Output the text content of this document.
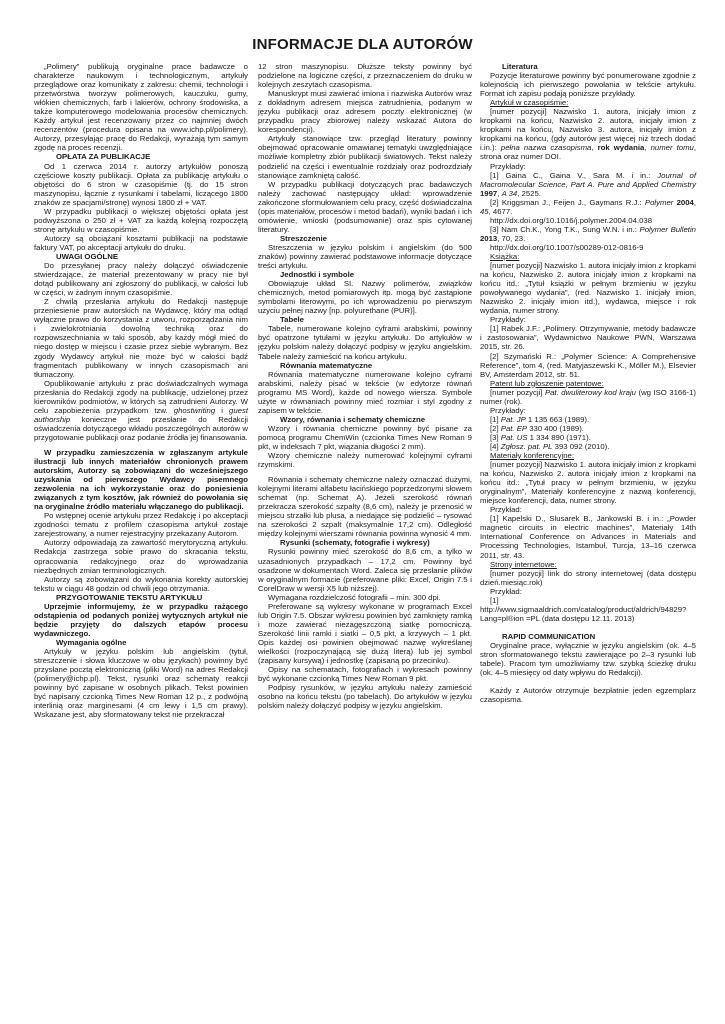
INFORMACJE DLA AUTORÓW

„Polimery” publikują oryginalne prace badawcze o charakterze naukowym i technologicznym, artykuły przeglądowe oraz komunikaty z zakresu: chemii, technologii i przetwórstwa tworzyw polimerowych, kauczuku, gumy, włókien chemicznych, farb i lakierów, ochrony środowiska, a także komputerowego modelowania procesów chemicznych. Każdy artykuł jest recenzowany przez co najmniej dwóch recenzentów (procedura opisana na www.ichp.pl/polimery). Autorzy, przesyłając pracę do Redakcji, wyrażają tym samym zgodę na proces recenzji.

OPŁATA ZA PUBLIKACJE

Od 1 czerwca 2014 r. autorzy artykułów ponoszą częściowe koszty publikacji. Opłata za publikację artykułu o objętości do 6 stron w czasopiśmie (tj. do 15 stron maszynopisu, łącznie z rysunkami i tabelami, liczącego 1800 znaków ze spacjami/stronę) wynosi 1800 zł + VAT.

W przypadku publikacji o większej objętości opłata jest podwyższona o 250 zł + VAT za każdą kolejną rozpoczętą stronę artykułu w czasopiśmie.

Autorzy są obciążani kosztami publikacji na podstawie faktury VAT, po akceptacji artykułu do druku.

UWAGI OGÓLNE

Do przesyłanej pracy należy dołączyć oświadczenie stwierdzające, że materiał prezentowany w pracy nie był dotąd publikowany ani zgłoszony do publikacji, w całości lub w części, w żadnym innym czasopiśmie.

Z chwilą przesłania artykułu do Redakcji następuje przeniesienie praw autorskich na Wydawcę, który ma odtąd wyłączne prawo do korzystania z utworu, rozporządzania nim i zwielokrotniania dowolną techniką oraz do rozpowszechniania w taki sposób, aby każdy mógł mieć do niego dostęp w miejscu i czasie przez siebie wybranym. Bez zgody Wydawcy artykuł nie może być w całości bądź fragmentach publikowany w innych czasopismach ani tłumaczony.

Opublikowanie artykułu z prac doświadczalnych wymaga przesłania do Redakcji zgody na publikację, udzielonej przez kierowników podmiotów, w których są zatrudnieni Autorzy. W celu zapobieżenia przypadkom tzw. ghostwriting i guest authorship konieczne jest przesłanie do Redakcji oświadczenia dotyczącego wkładu poszczególnych autorów w przygotowanie publikacji oraz podanie źródła jej finansowania.

W przypadku zamieszczenia w zgłaszanym artykule ilustracji lub innych materiałów chronionych prawem autorskim, Autorzy są zobowiązani do wcześniejszego uzyskania od pierwszego Wydawcy pisemnego zezwolenia na ich wykorzystanie oraz do poniesienia związanych z tym kosztów, jak również do powołania się na oryginalne źródło materiału włączanego do publikacji.

Po wstępnej ocenie artykułu przez Redakcję i po akceptacji zgodności tematu z profilem czasopisma artykuł zostaje zarejestrowany, a numer rejestracyjny przekazany Autorom.

Autorzy odpowiadają za zawartość merytoryczną artykułu. Redakcja zastrzega sobie prawo do skracania tekstu, opracowania redakcyjnego oraz do wprowadzania niezbędnych zmian terminologicznych.

Autorzy są zobowiązani do wykonania korekty autorskiej tekstu w ciągu 48 godzin od chwili jego otrzymania.

PRZYGOTOWANIE TEKSTU ARTYKUŁU

Uprzejmie informujemy, że w przypadku rażącego odstąpienia od podanych poniżej wytycznych artykuł nie będzie przyjęty do dalszych etapów procesu wydawniczego.

Wymagania ogólne

Artykuły w języku polskim lub angielskim (tytuł, streszczenie i słowa kluczowe w obu językach) powinny być przysłane pocztą elektroniczną (pliki Word) na adres Redakcji (polimery@ichp.pl). Tekst, rysunki oraz schematy reakcji powinny być zapisane w osobnych plikach. Tekst powinien być napisany czcionką Times New Roman 12 p., z podwójną interlinią oraz marginesami (4 cm lewy i 1,5 cm prawy). Wskazane jest, aby sformatowany tekst nie przekraczał

12 stron maszynopisu. Dłuższe teksty powinny być podzielone na logiczne części, z przeznaczeniem do druku w kolejnych zeszytach czasopisma.

Manuskrypt musi zawierać imiona i nazwiska Autorów wraz z dokładnym adresem miejsca zatrudnienia, podanym w języku publikacji oraz adresem poczty elektronicznej (w przypadku pracy zbiorowej należy wskazać Autora do korespondencji).

Artykuły stanowiące tzw. przegląd literatury powinny obejmować opracowanie omawianej tematyki uwzględniające możliwie kompletny zbiór publikacji światowych. Tekst należy podzielić na części i ewentualnie rozdziały oraz podrozdziały stanowiące zamkniętą całość.

W przypadku publikacji dotyczących prac badawczych należy zachować następujący układ: wprowadzenie zakończone sformułowaniem celu pracy, część doświadczalna (opis materiałów, procesów i metod badań), wyniki badań i ich omówienie, wnioski (podsumowanie) oraz spis cytowanej literatury.

Streszczenie

Streszczenia w języku polskim i angielskim (do 500 znaków) powinny zawierać podstawowe informacje dotyczące treści artykułu.

Jednostki i symbole

Obowiązuje układ SI. Nazwy polimerów, związków chemicznych, metod pomiarowych itp. mogą być zastąpione symbolami literowymi, po ich wprowadzeniu po pierwszym użyciu pełnej nazwy [np. polyurethane (PUR)].

Tabele

Tabele, numerowane kolejno cyframi arabskimi, powinny być opatrzone tytułami w języku artykułu. Do artykułów w języku polskim należy dołączyć podpisy w języku angielskim. Tabele należy zamieścić na końcu artykułu.

Równania matematyczne

Równania matematyczne numerowane kolejno cyframi arabskimi, należy pisać w tekście (w edytorze równań programu MS Word), każde od nowego wiersza. Symbole użyte w równaniach powinny mieć rozmiar i styl zgodny z zapisem w tekście.

Wzory, równania i schematy chemiczne

Wzory i równania chemiczne powinny być pisane za pomocą programu ChemWin (czcionka Times New Roman 9 pkt, w indeksach 7 pkt, wiązania długości 2 mm).

Wzory chemiczne należy numerować kolejnymi cyframi rzymskimi.

Równania i schematy chemiczne należy oznaczać dużymi, kolejnymi literami alfabetu łacińskiego poprzedzonymi słowem schemat (np. Schemat A). Jeżeli szerokość równań przekracza szerokość szpalty (8,6 cm), należy je przenosić w miejscu strzałki lub plusa, a niedające się podzielić – rysować na szerokości 2 szpalt (maksymalnie 17,2 cm). Odległość między kolejnymi wierszami równania powinna wynosić 4 mm.

Rysunki (schematy, fotografie i wykresy)

Rysunki powinny mieć szerokość do 8,6 cm, a tylko w uzasadnionych przypadkach – 17,2 cm. Powinny być osadzone w dokumentach Word. Zaleca się przesłanie plików w oryginalnym formacie (preferowane pliki: Excel, Origin 7.5 i CorelDraw w wersji X5 lub niższej).

Wymagana rozdzielczość fotografii – min. 300 dpi.

Preferowane są wykresy wykonane w programach Excel lub Origin 7.5. Obszar wykresu powinien być zamknięty ramką i może zawierać niezagęszczoną siatkę pomocniczą. Szerokość linii ramki i siatki – 0,5 pkt, a krzywych – 1 pkt. Opis każdej osi powinien obejmować nazwę wykreślanej wielkości (rozpoczynającą się dużą literą) lub jej symbol (zapisany kursywą) i jednostkę (zapisaną po przecinku).

Opisy na schematach, fotografiach i wykresach powinny być wykonane czcionką Times New Roman 9 pkt.

Podpisy rysunków, w języku artykułu należy zamieścić osobno na końcu tekstu (po tabelach). Do artykułów w języku polskim należy dołączyć podpisy w języku angielskim.

Literatura

Pozycje literaturowe powinny być ponumerowane zgodnie z kolejnością ich pierwszego powołania w tekście artykułu. Format ich zapisu podają poniższe przykłady.

Artykuł w czasopiśmie:

[numer pozycji] Nazwisko 1. autora, inicjały imion z kropkami na końcu, Nazwisko 2. autora, inicjały imion z kropkami na końcu, Nazwisko 3. autora, inicjały imion z kropkami na końcu, (gdy autorów jest więcej niż trzech dodać i.in.): pełna nazwa czasopisma, rok wydania, numer tomu, strona oraz numer DOI.

Przykłady:

[1] Gaina C., Gaina V., Sara M. i in.: Journal of Macromolecular Science, Part A. Pure and Applied Chemistry 1997, A 34, 2525.

[2] Kriggsman J., Feijen J., Gaymans R.J.: Polymer 2004, 45, 4677.

http://dx.doi.org/10.1016/j.polymer.2004.04.038

[3] Nam Ch.K., Yong T.K., Sung W.N. i in.: Polymer Bulletin 2013, 70, 23.

http://dx.doi.org/10.1007/s00289-012-0816-9

Książka:

[numer pozycji] Nazwisko 1. autora inicjały imion z kropkami na końcu, Nazwisko 2. autora inicjały imion z kropkami na końcu itd.: „Tytuł książki w pełnym brzmieniu w języku powoływanego wydania”, (red. Nazwisko 1. inicjały imion, Nazwisko 2. inicjały imion itd.), wydawca, miejsce i rok wydania, numer strony.

Przykłady:

[1] Rabek J.F.: „Polimery. Otrzymywanie, metody badawcze i zastosowania”, Wydawnictwo Naukowe PWN, Warszawa 2015, str. 26.

[2] Szymański R.: „Polymer Science: A Comprehensive Reference”, tom 4, (red. Matyjaszewski K., Möller M.), Elsevier BV, Amsterdam 2012, str. 51.

Patent lub zgłoszenie patentowe:

[numer pozycji] Pat. dwuliterowy kod kraju (wg ISO 3166-1) numer (rok).

Przykłady:

[1] Pat. JP 1 135 663 (1989).

[2] Pat. EP 330 400 (1989).

[3] Pat. US 1 334 890 (1971).

[4] Zgłosz. pat. PL 393 092 (2010).

Materiały konferencyjne:

[numer pozycji] Nazwisko 1. autora inicjały imion z kropkami na końcu, Nazwisko 2. autora inicjały imion z kropkami na końcu itd.: „Tytuł pracy w pełnym brzmieniu, w języku oryginalnym”, Materiały konferencyjne z nazwą konferencji, miejsce konferencji, data, numer strony.

Przykład:

[1] Kapelski D., Slusarek B., Jankowski B. i in.: „Powder magnetic circuits in electric machines”, Materiały 14th International Conference on Advances in Materials and Processing Technologies, Istambuł, Turcja, 13–16 czerwca 2011, str. 43.

Strony internetowe:

[numer pozycji] link do strony internetowej (data dostępu dzień.miesiąc.rok)

Przykład:

[1] http://www.sigmaaldrich.com/catalog/product/aldrich/94829?Lang=pl®ion =PL (data dostępu 12.11. 2013)

RAPID COMMUNICATION

Oryginalne prace, wyłącznie w języku angielskim (ok. 4–5 stron sformatowanego tekstu zawierające po 2–3 rysunki lub tabele). Pracom tym umożliwiamy tzw. szybką ścieżkę druku (ok. 4–5 miesięcy od daty wpływu do Redakcji).

Każdy z Autorów otrzymuje bezpłatnie jeden egzemplarz czasopisma.
